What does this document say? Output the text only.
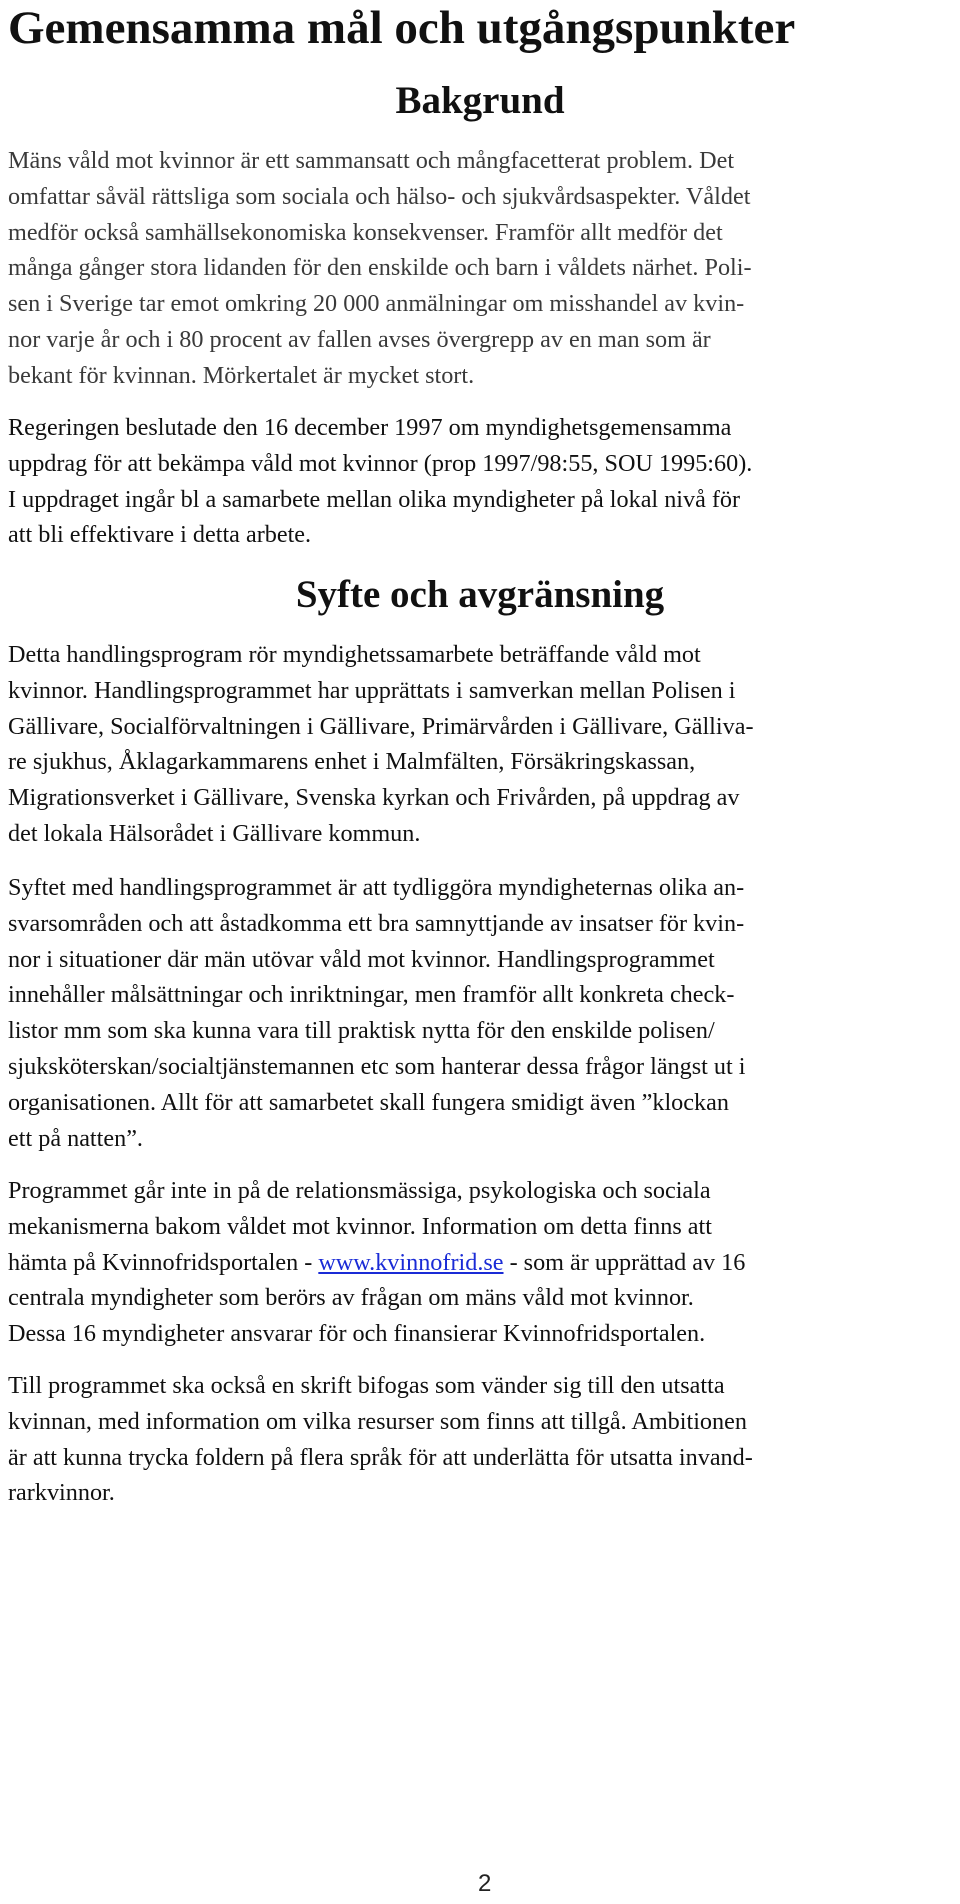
Gemensamma mål och utgångspunkter
Bakgrund

Mäns våld mot kvinnor är ett sammansatt och mångfacetterat problem. Det
omfattar såväl rättsliga som sociala och hälso- och sjukvårdsaspekter. Våldet
medför också samhällsekonomiska konsekvenser. Framför allt medför det
många gånger stora lidanden för den enskilde och barn i våldets närhet. Poli-
sen i Sverige tar emot omkring 20 000 anmälningar om misshandel av kvin-
nor varje år och i 80 procent av fallen avses övergrepp av en man som är
bekant för kvinnan. Mörkertalet är mycket stort.

Regeringen beslutade den 16 december 1997 om myndighetsgemensamma
uppdrag för att bekämpa våld mot kvinnor (prop 1997/98:55, SOU 1995:60).
I uppdraget ingår bl a samarbete mellan olika myndigheter på lokal nivå för
att bli effektivare i detta arbete.

Syfte och avgränsning

Detta handlingsprogram rör myndighetssamarbete beträffande våld mot
kvinnor. Handlingsprogrammet har upprättats i samverkan mellan Polisen i
Gällivare, Socialförvaltningen i Gällivare, Primärvården i Gällivare, Gälliva-
re sjukhus, Åklagarkammarens enhet i Malmfälten, Försäkringskassan,
Migrationsverket i Gällivare, Svenska kyrkan och Frivården, på uppdrag av
det lokala Hälsorådet i Gällivare kommun.

Syftet med handlingsprogrammet är att tydliggöra myndigheternas olika an-
svarsområden och att åstadkomma ett bra samnyttjande av insatser för kvin-
nor i situationer där män utövar våld mot kvinnor. Handlingsprogrammet
innehåller målsättningar och inriktningar, men framför allt konkreta check-
listor mm som ska kunna vara till praktisk nytta för den enskilde polisen/
sjuksköterskan/socialtjänstemannen etc som hanterar dessa frågor längst ut i
organisationen. Allt för att samarbetet skall fungera smidigt även ”klockan
ett på natten”.

Programmet går inte in på de relationsmässiga, psykologiska och sociala
mekanismerna bakom våldet mot kvinnor. Information om detta finns att
hämta på Kvinnofridsportalen - www.kvinnofrid.se - som är upprättad av 16
centrala myndigheter som berörs av frågan om mäns våld mot kvinnor.
Dessa 16 myndigheter ansvarar för och finansierar Kvinnofridsportalen.

Till programmet ska också en skrift bifogas som vänder sig till den utsatta
kvinnan, med information om vilka resurser som finns att tillgå. Ambitionen
är att kunna trycka foldern på flera språk för att underlätta för utsatta invand-
rarkvinnor.

2
